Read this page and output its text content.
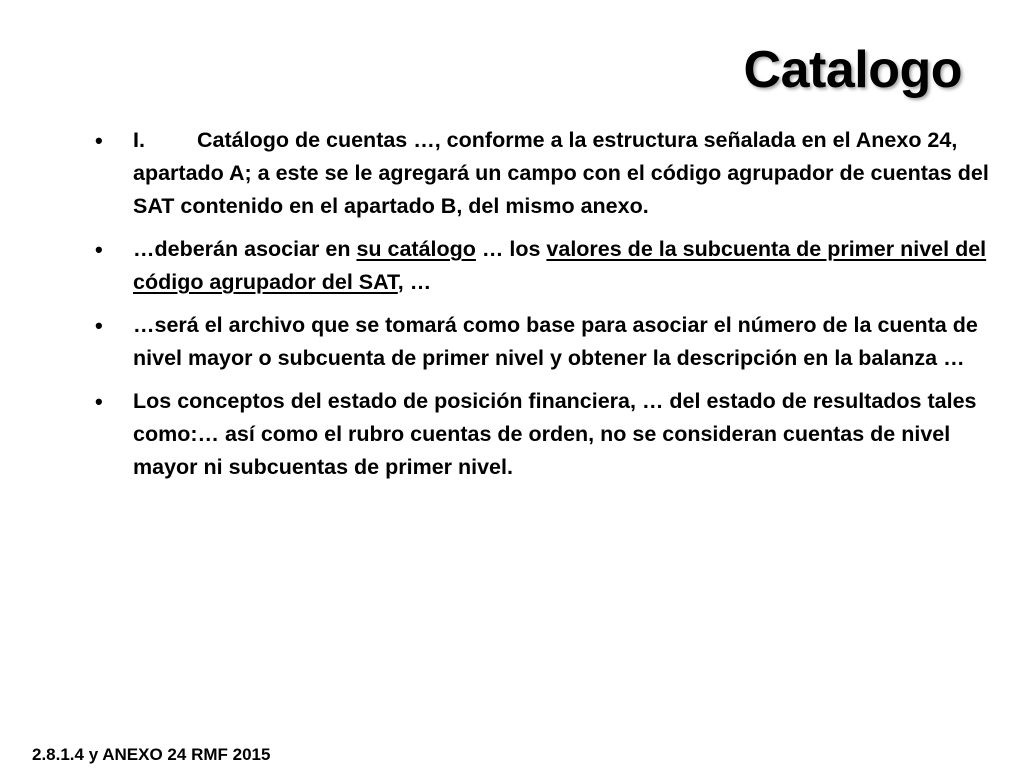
Catalogo
• I. Catálogo de cuentas …, conforme a la estructura señalada en el Anexo 24, apartado A; a este se le agregará un campo con el código agrupador de cuentas del SAT contenido en el apartado B, del mismo anexo.
• …deberán asociar en su catálogo … los valores de la subcuenta de primer nivel del código agrupador del SAT, …
• …será el archivo que se tomará como base para asociar el número de la cuenta de nivel mayor o subcuenta de primer nivel y obtener la descripción en la balanza …
• Los conceptos del estado de posición financiera, … del estado de resultados tales como:… así como el rubro cuentas de orden, no se consideran cuentas de nivel mayor ni subcuentas de primer nivel.
2.8.1.4 y ANEXO 24 RMF 2015
